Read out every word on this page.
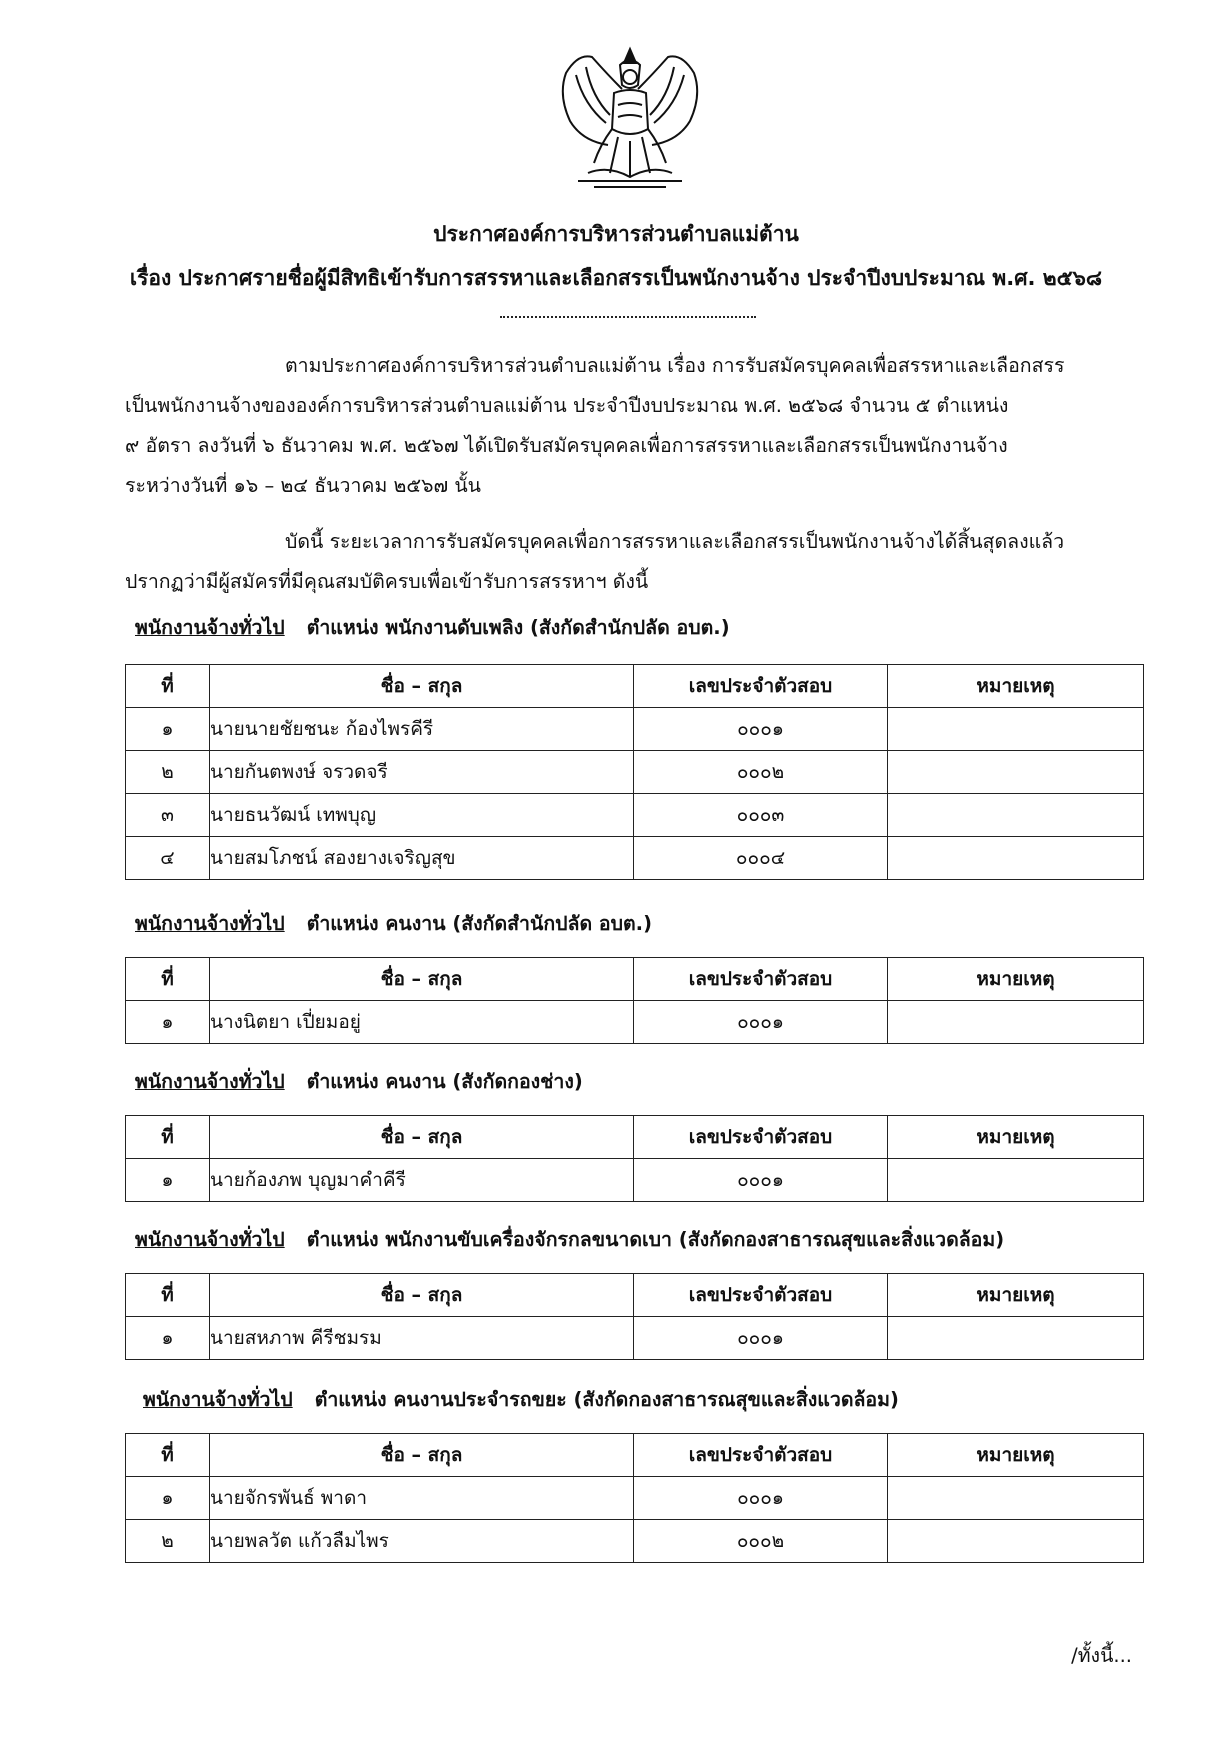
ประกาศองค์การบริหารส่วนตำบลแม่ต้าน
เรื่อง ประกาศรายชื่อผู้มีสิทธิเข้ารับการสรรหาและเลือกสรรเป็นพนักงานจ้าง ประจำปีงบประมาณ พ.ศ. ๒๕๖๘
ตามประกาศองค์การบริหารส่วนตำบลแม่ต้าน เรื่อง การรับสมัครบุคคลเพื่อสรรหาและเลือกสรร
เป็นพนักงานจ้างขององค์การบริหารส่วนตำบลแม่ต้าน ประจำปีงบประมาณ พ.ศ. ๒๕๖๘ จำนวน ๕ ตำแหน่ง
๙ อัตรา ลงวันที่ ๖ ธันวาคม พ.ศ. ๒๕๖๗ ได้เปิดรับสมัครบุคคลเพื่อการสรรหาและเลือกสรรเป็นพนักงานจ้าง
ระหว่างวันที่ ๑๖ – ๒๔ ธันวาคม ๒๕๖๗ นั้น
บัดนี้ ระยะเวลาการรับสมัครบุคคลเพื่อการสรรหาและเลือกสรรเป็นพนักงานจ้างได้สิ้นสุดลงแล้ว
ปรากฏว่ามีผู้สมัครที่มีคุณสมบัติครบเพื่อเข้ารับการสรรหาฯ ดังนี้
พนักงานจ้างทั่วไป ตำแหน่ง พนักงานดับเพลิง (สังกัดสำนักปลัด อบต.)
ที่	ชื่อ – สกุล	เลขประจำตัวสอบ	หมายเหตุ
๑	นายนายชัยชนะ ก้องไพรคีรี	๐๐๐๑	
๒	นายกันตพงษ์ จรวดจรี	๐๐๐๒	
๓	นายธนวัฒน์ เทพบุญ	๐๐๐๓	
๔	นายสมโภชน์ สองยางเจริญสุข	๐๐๐๔	
พนักงานจ้างทั่วไป ตำแหน่ง คนงาน (สังกัดสำนักปลัด อบต.)
ที่	ชื่อ – สกุล	เลขประจำตัวสอบ	หมายเหตุ
๑	นางนิตยา เปี่ยมอยู่	๐๐๐๑	
พนักงานจ้างทั่วไป ตำแหน่ง คนงาน (สังกัดกองช่าง)
ที่	ชื่อ – สกุล	เลขประจำตัวสอบ	หมายเหตุ
๑	นายก้องภพ บุญมาคำคีรี	๐๐๐๑	
พนักงานจ้างทั่วไป ตำแหน่ง พนักงานขับเครื่องจักรกลขนาดเบา (สังกัดกองสาธารณสุขและสิ่งแวดล้อม)
ที่	ชื่อ – สกุล	เลขประจำตัวสอบ	หมายเหตุ
๑	นายสหภาพ คีรีชมรม	๐๐๐๑	
พนักงานจ้างทั่วไป ตำแหน่ง คนงานประจำรถขยะ (สังกัดกองสาธารณสุขและสิ่งแวดล้อม)
ที่	ชื่อ – สกุล	เลขประจำตัวสอบ	หมายเหตุ
๑	นายจักรพันธ์ พาดา	๐๐๐๑	
๒	นายพลวัต แก้วลืมไพร	๐๐๐๒	
/ทั้งนี้...
